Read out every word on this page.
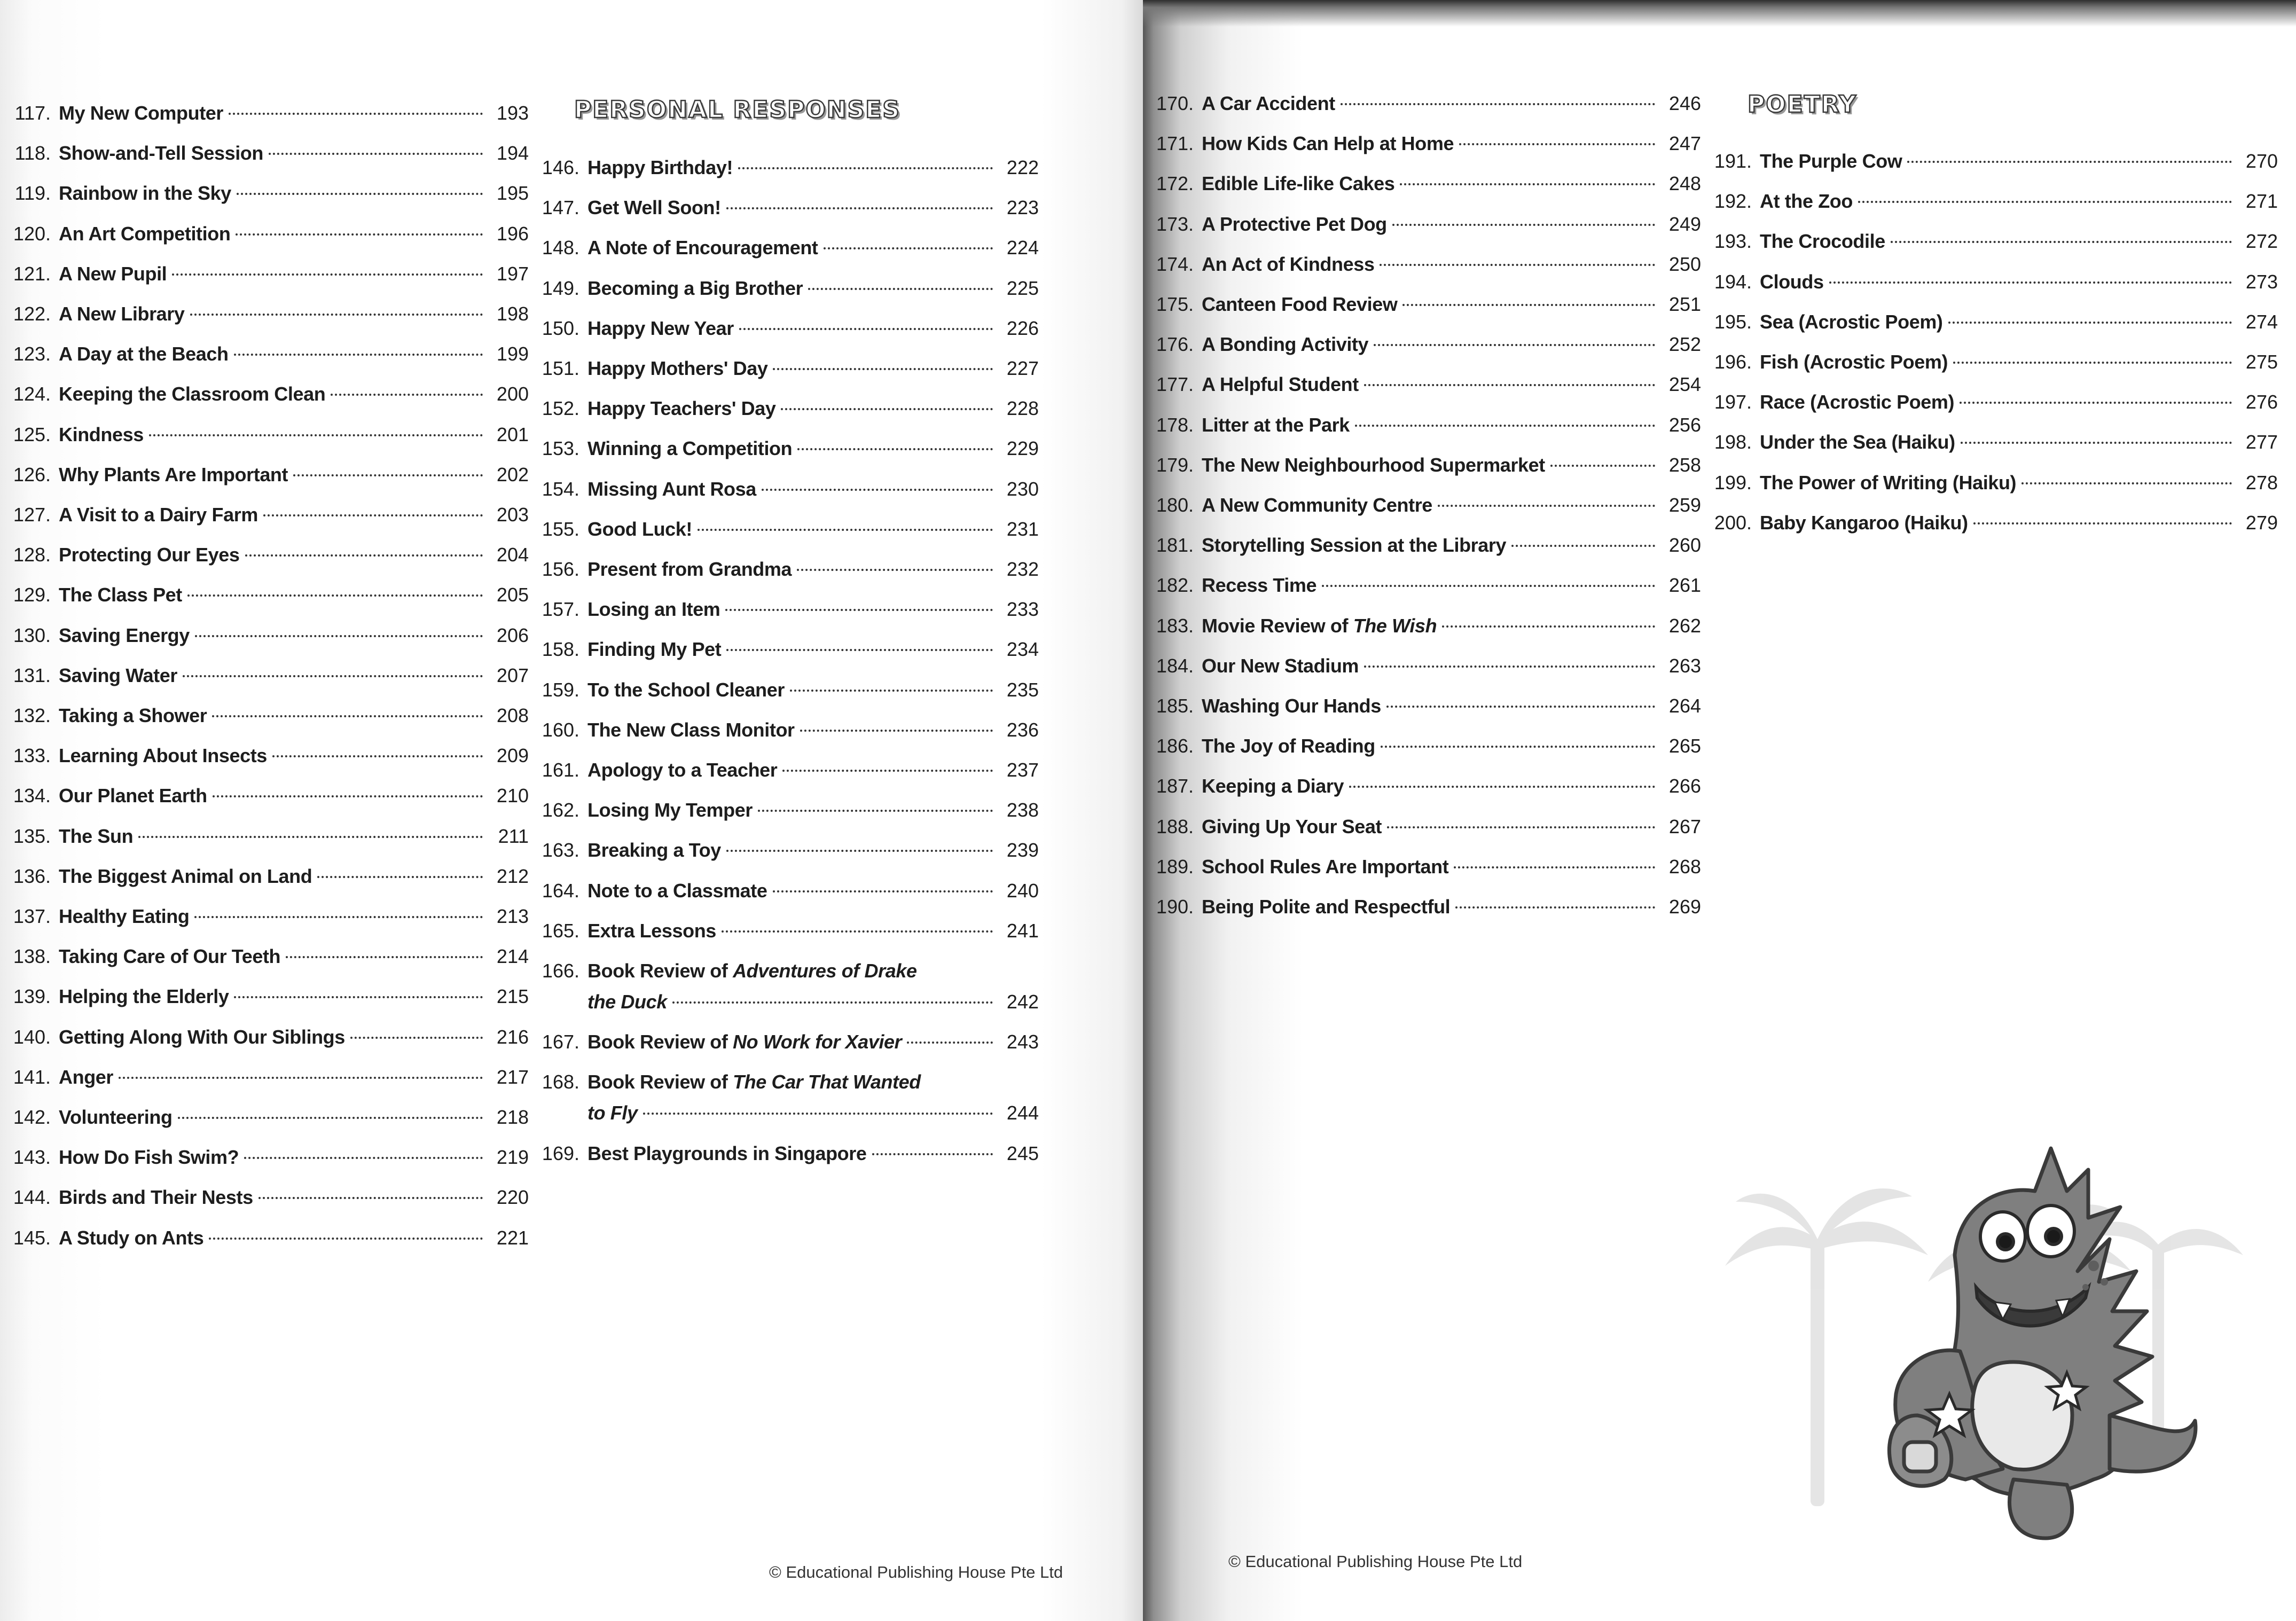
117. My New Computer	193
118. Show-and-Tell Session	194
119. Rainbow in the Sky	195
120. An Art Competition	196
121. A New Pupil	197
122. A New Library	198
123. A Day at the Beach	199
124. Keeping the Classroom Clean	200
125. Kindness	201
126. Why Plants Are Important	202
127. A Visit to a Dairy Farm	203
128. Protecting Our Eyes	204
129. The Class Pet	205
130. Saving Energy	206
131. Saving Water	207
132. Taking a Shower	208
133. Learning About Insects	209
134. Our Planet Earth	210
135. The Sun	211
136. The Biggest Animal on Land	212
137. Healthy Eating	213
138. Taking Care of Our Teeth	214
139. Helping the Elderly	215
140. Getting Along With Our Siblings	216
141. Anger	217
142. Volunteering	218
143. How Do Fish Swim?	219
144. Birds and Their Nests	220
145. A Study on Ants	221
PERSONAL RESPONSES
146. Happy Birthday!	222
147. Get Well Soon!	223
148. A Note of Encouragement	224
149. Becoming a Big Brother	225
150. Happy New Year	226
151. Happy Mothers' Day	227
152. Happy Teachers' Day	228
153. Winning a Competition	229
154. Missing Aunt Rosa	230
155. Good Luck!	231
156. Present from Grandma	232
157. Losing an Item	233
158. Finding My Pet	234
159. To the School Cleaner	235
160. The New Class Monitor	236
161. Apology to a Teacher	237
162. Losing My Temper	238
163. Breaking a Toy	239
164. Note to a Classmate	240
165. Extra Lessons	241
166. Book Review of Adventures of Drake
the Duck	242
167. Book Review of No Work for Xavier	243
168. Book Review of The Car That Wanted
to Fly	244
169. Best Playgrounds in Singapore	245
© Educational Publishing House Pte Ltd
170. A Car Accident	246
171. How Kids Can Help at Home	247
172. Edible Life-like Cakes	248
173. A Protective Pet Dog	249
174. An Act of Kindness	250
175. Canteen Food Review	251
176. A Bonding Activity	252
177. A Helpful Student	254
178. Litter at the Park	256
179. The New Neighbourhood Supermarket	258
180. A New Community Centre	259
181. Storytelling Session at the Library	260
182. Recess Time	261
183. Movie Review of The Wish	262
184. Our New Stadium	263
185. Washing Our Hands	264
186. The Joy of Reading	265
187. Keeping a Diary	266
188. Giving Up Your Seat	267
189. School Rules Are Important	268
190. Being Polite and Respectful	269
POETRY
191. The Purple Cow	270
192. At the Zoo	271
193. The Crocodile	272
194. Clouds	273
195. Sea (Acrostic Poem)	274
196. Fish (Acrostic Poem)	275
197. Race (Acrostic Poem)	276
198. Under the Sea (Haiku)	277
199. The Power of Writing (Haiku)	278
200. Baby Kangaroo (Haiku)	279
© Educational Publishing House Pte Ltd
